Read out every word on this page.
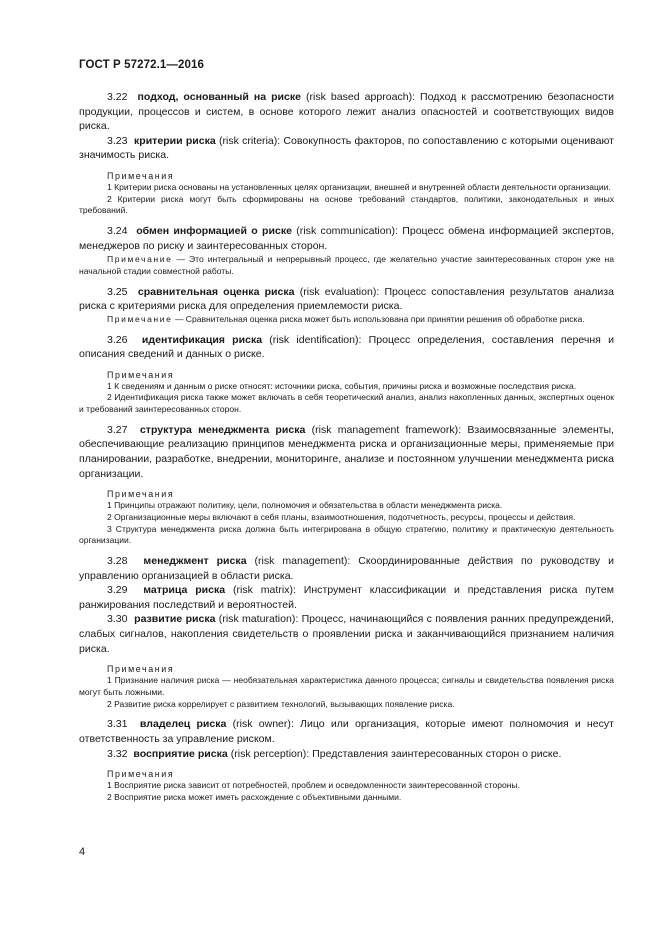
ГОСТ Р 57272.1—2016

3.22 подход, основанный на риске (risk based approach): Подход к рассмотрению безопасности продукции, процессов и систем, в основе которого лежит анализ опасностей и соответствующих видов риска.

3.23 критерии риска (risk criteria): Совокупность факторов, по сопоставлению с которыми оценивают значимость риска.

Примечания

1 Критерии риска основаны на установленных целях организации, внешней и внутренней области деятельности организации.

2 Критерии риска могут быть сформированы на основе требований стандартов, политики, законодательных и иных требований.

3.24 обмен информацией о риске (risk communication): Процесс обмена информацией экспертов, менеджеров по риску и заинтересованных сторон.

Примечание — Это интегральный и непрерывный процесс, где желательно участие заинтересованных сторон уже на начальной стадии совместной работы.

3.25 сравнительная оценка риска (risk evaluation): Процесс сопоставления результатов анализа риска с критериями риска для определения приемлемости риска.

Примечание — Сравнительная оценка риска может быть использована при принятии решения об обработке риска.

3.26 идентификация риска (risk identification): Процесс определения, составления перечня и описания сведений и данных о риске.

Примечания

1 К сведениям и данным о риске относят: источники риска, события, причины риска и возможные последствия риска.

2 Идентификация риска также может включать в себя теоретический анализ, анализ накопленных данных, экспертных оценок и требований заинтересованных сторон.

3.27 структура менеджмента риска (risk management framework): Взаимосвязанные элементы, обеспечивающие реализацию принципов менеджмента риска и организационные меры, применяемые при планировании, разработке, внедрении, мониторинге, анализе и постоянном улучшении менеджмента риска организации.

Примечания

1 Принципы отражают политику, цели, полномочия и обязательства в области менеджмента риска.

2 Организационные меры включают в себя планы, взаимоотношения, подотчетность, ресурсы, процессы и действия.

3 Структура менеджмента риска должна быть интегрирована в общую стратегию, политику и практическую деятельность организации.

3.28 менеджмент риска (risk management): Скоординированные действия по руководству и управлению организацией в области риска.

3.29 матрица риска (risk matrix): Инструмент классификации и представления риска путем ранжирования последствий и вероятностей.

3.30 развитие риска (risk maturation): Процесс, начинающийся с появления ранних предупреждений, слабых сигналов, накопления свидетельств о проявлении риска и заканчивающийся признанием наличия риска.

Примечания

1 Признание наличия риска — необязательная характеристика данного процесса; сигналы и свидетельства появления риска могут быть ложными.

2 Развитие риска коррелирует с развитием технологий, вызывающих появление риска.

3.31 владелец риска (risk owner): Лицо или организация, которые имеют полномочия и несут ответственность за управление риском.

3.32 восприятие риска (risk perception): Представления заинтересованных сторон о риске.

Примечания

1 Восприятие риска зависит от потребностей, проблем и осведомленности заинтересованной стороны.

2 Восприятие риска может иметь расхождение с объективными данными.

4
